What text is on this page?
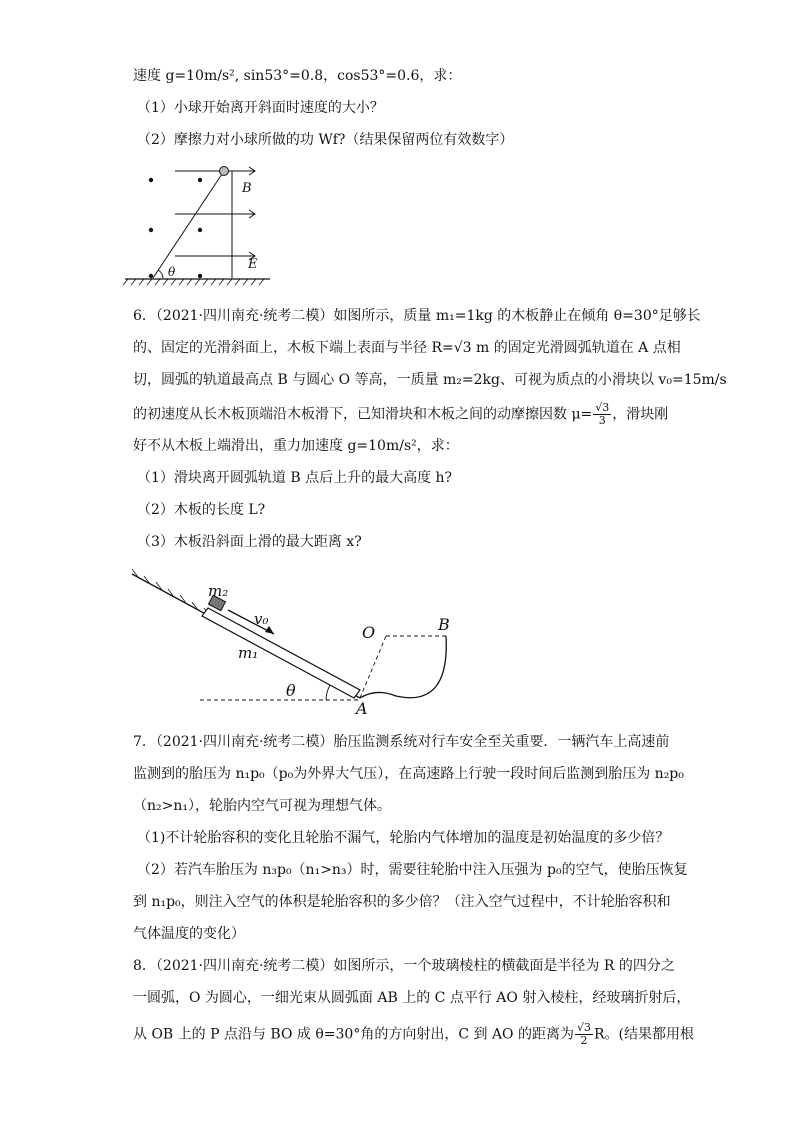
速度 g=10m/s², sin53°=0.8，cos53°=0.6，求：
（1）小球开始离开斜面时速度的大小？
（2）摩擦力对小球所做的功 Wf?（结果保留两位有效数字）
B
E
θ
6．（2021·四川南充·统考二模）如图所示，质量 m₁=1kg 的木板静止在倾角 θ=30°足够长
的、固定的光滑斜面上，木板下端上表面与半径 R=√3 m 的固定光滑圆弧轨道在 A 点相
切，圆弧的轨道最高点 B 与圆心 O 等高，一质量 m₂=2kg、可视为质点的小滑块以 v₀=15m/s
的初速度从长木板顶端沿木板滑下，已知滑块和木板之间的动摩擦因数 $\mu= \frac{√3}{3}$ ，滑块刚
好不从木板上端滑出，重力加速度 g=10m/s²，求：
（1）滑块离开圆弧轨道 B 点后上升的最大高度 h?
（2）木板的长度 L?
（3）木板沿斜面上滑的最大距离 x?
m₂
v₀
m₁
O	B
A
θ
7．（2021·四川南充·统考二模）胎压监测系统对行车安全至关重要．一辆汽车上高速前
监测到的胎压为 n₁p₀（p₀为外界大气压），在高速路上行驶一段时间后监测到胎压为 n₂p₀
（n₂>n₁），轮胎内空气可视为理想气体。
（1)不计轮胎容积的变化且轮胎不漏气，轮胎内气体增加的温度是初始温度的多少倍？
（2）若汽车胎压为 n₃p₀（n₁>n₃）时，需要往轮胎中注入压强为 p₀的空气，使胎压恢复
到 n₁p₀，则注入空气的体积是轮胎容积的多少倍？（注入空气过程中，不计轮胎容积和
气体温度的变化）
8．（2021·四川南充·统考二模）如图所示，一个玻璃棱柱的横截面是半径为 R 的四分之
一圆弧，O 为圆心，一细光束从圆弧面 AB 上的 C 点平行 AO 射入棱柱，经玻璃折射后，
从 OB 上的 P 点沿与 BO 成 θ=30°角的方向射出，C 到 AO 的距离为 $\frac{√3}{2}$ R。(结果都用根
